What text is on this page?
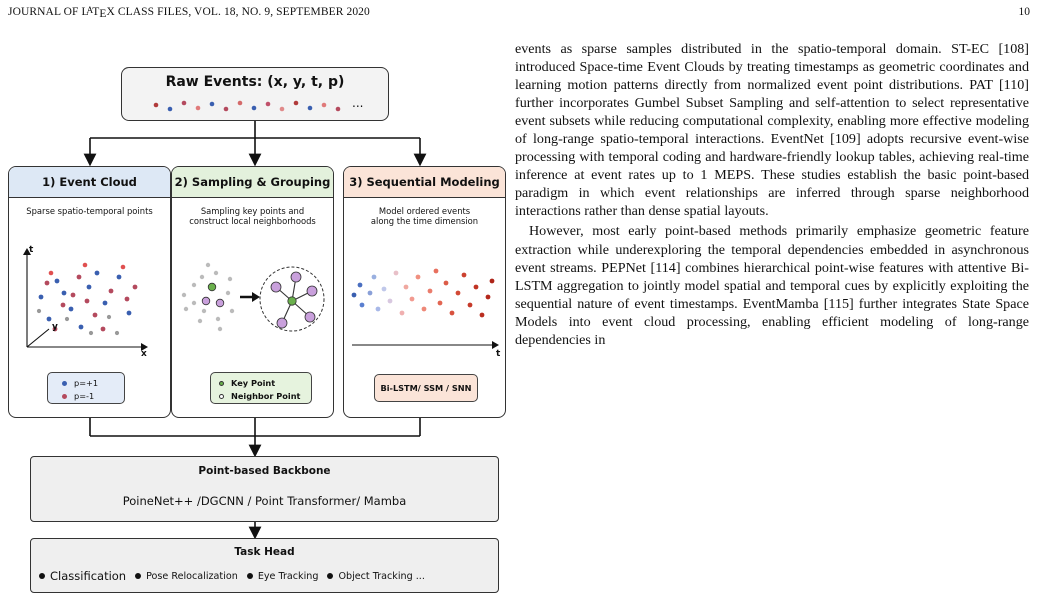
JOURNAL OF LATEX CLASS FILES, VOL. 18, NO. 9, SEPTEMBER 2020	10
Raw Events: (x, y, t, p)
...
1) Event Cloud
Sparse spatio-temporal points
t
y
x
p=+1
p=-1
2) Sampling & Grouping
Sampling key points and
construct local neighborhoods
Key Point
Neighbor Point
3) Sequential Modeling
Model ordered events
along the time dimension
t
Bi-LSTM/ SSM / SNN
Point-based Backbone
PoineNet++ /DGCNN / Point Transformer/ Mamba
Task Head
Classification Pose Relocalization Eye Tracking Object Tracking ...

events as sparse samples distributed in the spatio-temporal domain. ST-EC [108] introduced Space-time Event Clouds by treating timestamps as geometric coordinates and learning motion patterns directly from normalized event point distributions. PAT [110] further incorporates Gumbel Subset Sampling and self-attention to select representative event subsets while reducing computational complexity, enabling more effective modeling of long-range spatio-temporal interactions. EventNet [109] adopts recursive event-wise processing with temporal coding and hardware-friendly lookup tables, achieving real-time inference at event rates up to 1 MEPS. These studies establish the basic point-based paradigm in which event relationships are inferred through sparse neighborhood interactions rather than dense spatial layouts.

However, most early point-based methods primarily emphasize geometric feature extraction while underexploring the temporal dependencies embedded in asynchronous event streams. PEPNet [114] combines hierarchical point-wise features with attentive Bi-LSTM aggregation to jointly model spatial and temporal cues by explicitly exploiting the sequential nature of event timestamps. EventMamba [115] further integrates State Space Models into event cloud processing, enabling efficient modeling of long-range dependencies in
